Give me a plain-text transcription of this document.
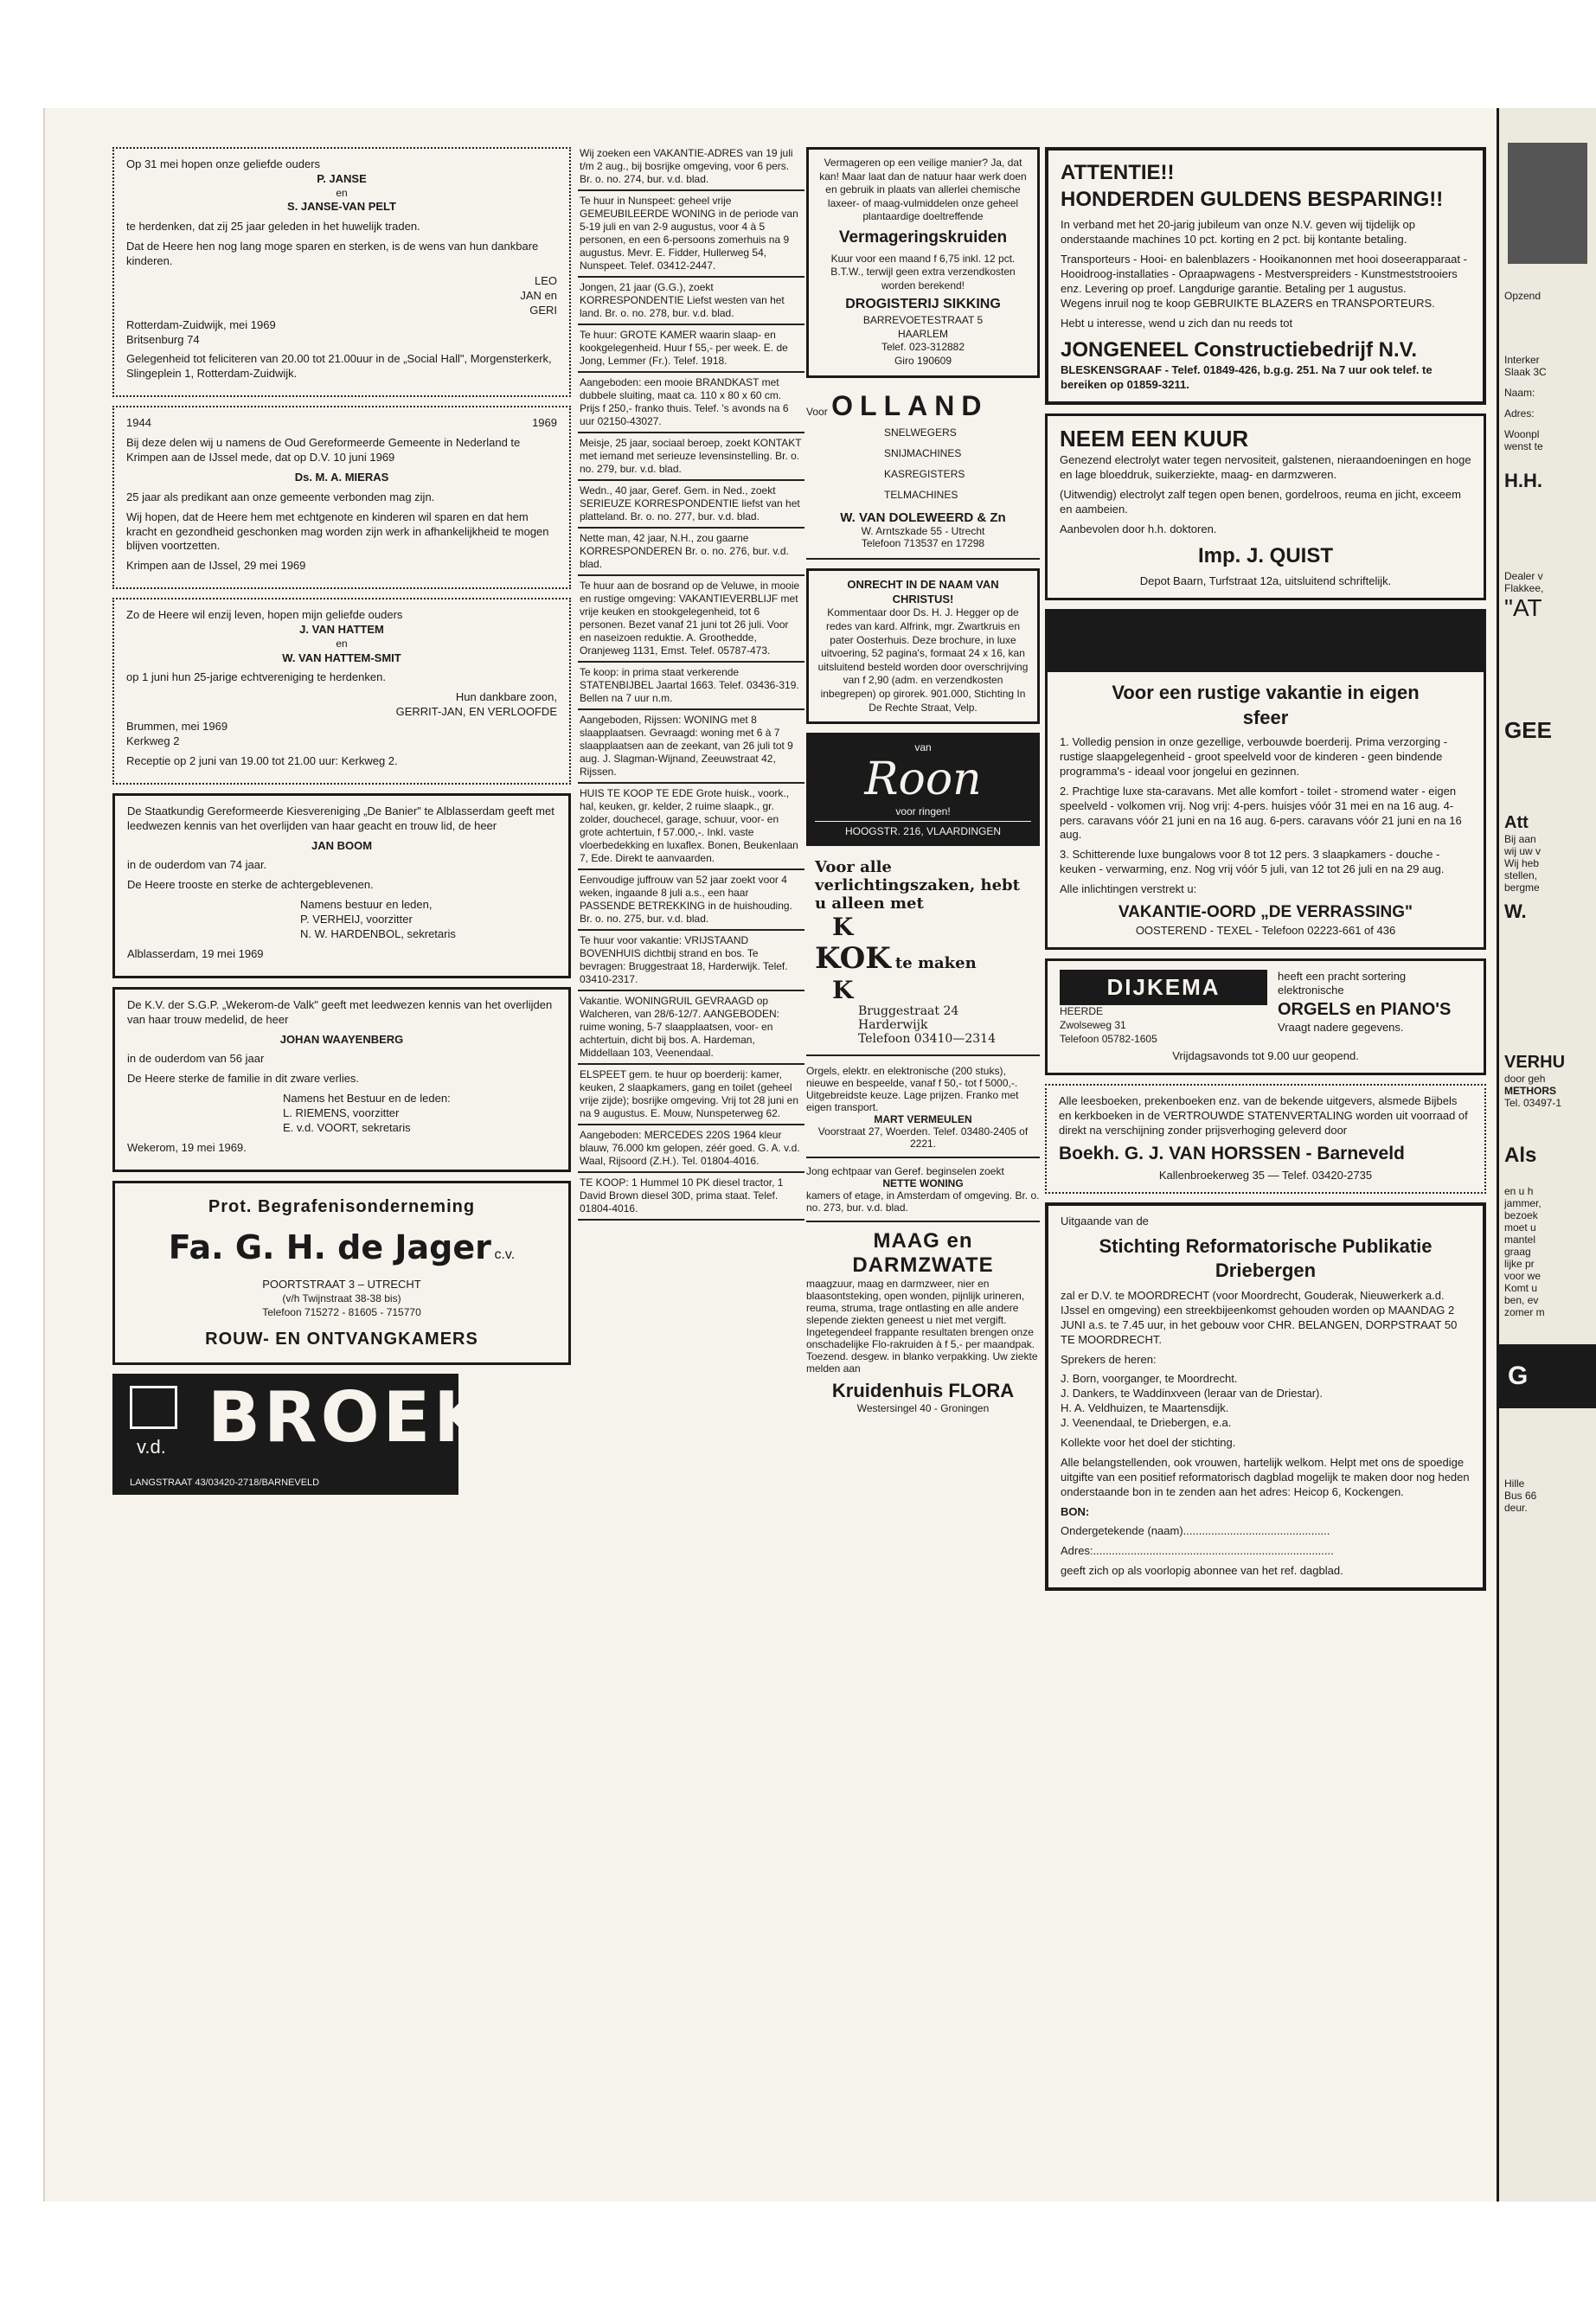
Op 31 mei hopen onze geliefde ouders
P. JANSE
en
S. JANSE-VAN PELT
te herdenken, dat zij 25 jaar geleden in het huwelijk traden.
Dat de Heere hen nog lang moge sparen en sterken, is de wens van hun dankbare kinderen.
LEO
JAN en
GERI
Rotterdam-Zuidwijk, mei 1969
Britsenburg 74
Gelegenheid tot feliciteren van 20.00 tot 21.00uur in de „Social Hall", Morgensterkerk, Slingeplein 1, Rotterdam-Zuidwijk.
1944	1969
Bij deze delen wij u namens de Oud Gereformeerde Gemeente in Nederland te Krimpen aan de IJssel mede, dat op D.V. 10 juni 1969
Ds. M. A. MIERAS
25 jaar als predikant aan onze gemeente verbonden mag zijn.
Wij hopen, dat de Heere hem met echtgenote en kinderen wil sparen en dat hem kracht en gezondheid geschonken mag worden zijn werk in afhankelijkheid te mogen blijven voortzetten.
Krimpen aan de IJssel, 29 mei 1969
Zo de Heere wil enzij leven, hopen mijn geliefde ouders
J. VAN HATTEM
en
W. VAN HATTEM-SMIT
op 1 juni hun 25-jarige echtvereniging te herdenken.
Hun dankbare zoon,
GERRIT-JAN, EN VERLOOFDE
Brummen, mei 1969
Kerkweg 2
Receptie op 2 juni van 19.00 tot 21.00 uur: Kerkweg 2.
De Staatkundig Gereformeerde Kiesvereniging „De Banier" te Alblasserdam geeft met leedwezen kennis van het overlijden van haar geacht en trouw lid, de heer
JAN BOOM
in de ouderdom van 74 jaar.
De Heere trooste en sterke de achtergeblevenen.
Namens bestuur en leden,
P. VERHEIJ, voorzitter
N. W. HARDENBOL, sekretaris
Alblasserdam, 19 mei 1969
De K.V. der S.G.P. „Wekerom-de Valk" geeft met leedwezen kennis van het overlijden van haar trouw medelid, de heer
JOHAN WAAYENBERG
in de ouderdom van 56 jaar
De Heere sterke de familie in dit zware verlies.
Namens het Bestuur en de leden:
L. RIEMENS, voorzitter
E. v.d. VOORT, sekretaris
Wekerom, 19 mei 1969.
Prot. Begrafenisonderneming
Fa. G. H. de Jager c.v.
POORTSTRAAT 3 – UTRECHT
(v/h Twijnstraat 38-38 bis)
Telefoon 715272 - 81605 - 715770
ROUW- EN ONTVANGKAMERS
v.d. BROEK
LANGSTRAAT 43/03420-2718/BARNEVELD
Wij zoeken een VAKANTIE-ADRES van 19 juli t/m 2 aug., bij bosrijke omgeving, voor 6 pers. Br. o. no. 274, bur. v.d. blad.
Te huur in Nunspeet: geheel vrije GEMEUBILEERDE WONING in de periode van 5-19 juli en van 2-9 augustus, voor 4 à 5 personen, en een 6-persoons zomerhuis na 9 augustus. Mevr. E. Fidder, Hullerweg 54, Nunspeet. Telef. 03412-2447.
Jongen, 21 jaar (G.G.), zoekt KORRESPONDENTIE Liefst westen van het land. Br. o. no. 278, bur. v.d. blad.
Te huur: GROTE KAMER waarin slaap- en kookgelegenheid. Huur f 55,- per week. E. de Jong, Lemmer (Fr.). Telef. 1918.
Aangeboden: een mooie BRANDKAST met dubbele sluiting, maat ca. 110 x 80 x 60 cm. Prijs f 250,- franko thuis. Telef. 's avonds na 6 uur 02150-43027.
Meisje, 25 jaar, sociaal beroep, zoekt KONTAKT met iemand met serieuze levensinstelling. Br. o. no. 279, bur. v.d. blad.
Wedn., 40 jaar, Geref. Gem. in Ned., zoekt SERIEUZE KORRESPONDENTIE liefst van het platteland. Br. o. no. 277, bur. v.d. blad.
Nette man, 42 jaar, N.H., zou gaarne KORRESPONDEREN Br. o. no. 276, bur. v.d. blad.
Te huur aan de bosrand op de Veluwe, in mooie en rustige omgeving: VAKANTIEVERBLIJF met vrije keuken en stookgelegenheid, tot 6 personen. Bezet vanaf 21 juni tot 26 juli. Voor en naseizoen reduktie. A. Groothedde, Oranjeweg 1131, Emst. Telef. 05787-473.
Te koop: in prima staat verkerende STATENBIJBEL Jaartal 1663. Telef. 03436-319. Bellen na 7 uur n.m.
Aangeboden, Rijssen: WONING met 8 slaapplaatsen. Gevraagd: woning met 6 à 7 slaapplaatsen aan de zeekant, van 26 juli tot 9 aug. J. Slagman-Wijnand, Zeeuwstraat 42, Rijssen.
HUIS TE KOOP TE EDE Grote huisk., voork., hal, keuken, gr. kelder, 2 ruime slaapk., gr. zolder, douchecel, garage, schuur, voor- en grote achtertuin, f 57.000,-. Inkl. vaste vloerbedekking en luxaflex. Bonen, Beukenlaan 7, Ede. Direkt te aanvaarden.
Eenvoudige juffrouw van 52 jaar zoekt voor 4 weken, ingaande 8 juli a.s., een haar PASSENDE BETREKKING in de huishouding. Br. o. no. 275, bur. v.d. blad.
Te huur voor vakantie: VRIJSTAAND BOVENHUIS dichtbij strand en bos. Te bevragen: Bruggestraat 18, Harderwijk. Telef. 03410-2317.
Vakantie. WONINGRUIL GEVRAAGD op Walcheren, van 28/6-12/7. AANGEBODEN: ruime woning, 5-7 slaapplaatsen, voor- en achtertuin, dicht bij bos. A. Hardeman, Middellaan 103, Veenendaal.
ELSPEET gem. te huur op boerderij: kamer, keuken, 2 slaapkamers, gang en toilet (geheel vrije zijde); bosrijke omgeving. Vrij tot 28 juni en na 9 augustus. E. Mouw, Nunspeterweg 62.
Aangeboden: MERCEDES 220S 1964 kleur blauw, 76.000 km gelopen, zéér goed. G. A. v.d. Waal, Rijsoord (Z.H.). Tel. 01804-4016.
TE KOOP: 1 Hummel 10 PK diesel tractor, 1 David Brown diesel 30D, prima staat. Telef. 01804-4016.
Vermageren op een veilige manier? Ja, dat kan! Maar laat dan de natuur haar werk doen en gebruik in plaats van allerlei chemische laxeer- of maag-vulmiddelen onze geheel plantaardige doeltreffende
Vermageringskruiden
Kuur voor een maand f 6,75 inkl. 12 pct. B.T.W., terwijl geen extra verzendkosten worden berekend!
DROGISTERIJ SIKKING
BARREVOETESTRAAT 5
HAARLEM
Telef. 023-312882
Giro 190609
Voor OLLAND
SNELWEGERS
SNIJMACHINES
KASREGISTERS
TELMACHINES
W. VAN DOLEWEERD & Zn
W. Arntszkade 55 - Utrecht
Telefoon 713537 en 17298
ONRECHT IN DE NAAM VAN CHRISTUS!
Kommentaar door Ds. H. J. Hegger op de redes van kard. Alfrink, mgr. Zwartkruis en pater Oosterhuis. Deze brochure, in luxe uitvoering, 52 pagina's, formaat 24 x 16, kan uitsluitend besteld worden door overschrijving van f 2,90 (adm. en verzendkosten inbegrepen) op girorek. 901.000, Stichting In De Rechte Straat, Velp.
van
Roon
voor ringen!
HOOGSTR. 216, VLAARDINGEN
Voor alle verlichtingszaken, hebt u alleen met
K
KOK te maken
K
Bruggestraat 24
Harderwijk
Telefoon 03410—2314
Orgels, elektr. en elektronische (200 stuks), nieuwe en bespeelde, vanaf f 50,- tot f 5000,-. Uitgebreidste keuze. Lage prijzen. Franko met eigen transport.
MART VERMEULEN
Voorstraat 27, Woerden. Telef. 03480-2405 of 2221.
Jong echtpaar van Geref. beginselen zoekt
NETTE WONING
kamers of etage, in Amsterdam of omgeving. Br. o. no. 273, bur. v.d. blad.
MAAG en DARMZWATE
maagzuur, maag en darmzweer, nier en blaasontsteking, open wonden, pijnlijk urineren, reuma, struma, trage ontlasting en alle andere slepende ziekten geneest u niet met vergift. Ingetegendeel frappante resultaten brengen onze onschadelijke Flo-rakruiden à f 5,- per maandpak. Toezend. desgew. in blanko verpakking. Uw ziekte melden aan
Kruidenhuis FLORA
Westersingel 40 - Groningen
ATTENTIE!!
HONDERDEN GULDENS BESPARING!!
In verband met het 20-jarig jubileum van onze N.V. geven wij tijdelijk op onderstaande machines 10 pct. korting en 2 pct. bij kontante betaling.
Transporteurs - Hooi- en balenblazers - Hooikanonnen met hooi doseerapparaat - Hooidroog-installaties - Opraapwagens - Mestverspreiders - Kunstmeststrooiers enz. Levering op proef. Langdurige garantie. Betaling per 1 augustus.
Wegens inruil nog te koop GEBRUIKTE BLAZERS en TRANSPORTEURS.
Hebt u interesse, wend u zich dan nu reeds tot
JONGENEEL Constructiebedrijf N.V.
BLESKENSGRAAF - Telef. 01849-426, b.g.g. 251. Na 7 uur ook telef. te bereiken op 01859-3211.
NEEM EEN KUUR
Genezend electrolyt water tegen nervositeit, galstenen, nieraandoeningen en hoge en lage bloeddruk, suikerziekte, maag- en darmzweren.
(Uitwendig) electrolyt zalf tegen open benen, gordelroos, reuma en jicht, exceem en aambeien.
Aanbevolen door h.h. doktoren.
Imp. J. QUIST
Depot Baarn, Turfstraat 12a, uitsluitend schriftelijk.
Voor een rustige vakantie in eigen sfeer
1. Volledig pension in onze gezellige, verbouwde boerderij. Prima verzorging - rustige slaapgelegenheid - groot speelveld voor de kinderen - geen bindende programma's - ideaal voor jongelui en gezinnen.
2. Prachtige luxe sta-caravans. Met alle komfort - toilet - stromend water - eigen speelveld - volkomen vrij. Nog vrij: 4-pers. huisjes vóór 31 mei en na 16 aug. 4-pers. caravans vóór 21 juni en na 16 aug. 6-pers. caravans vóór 21 juni en na 16 aug.
3. Schitterende luxe bungalows voor 8 tot 12 pers. 3 slaapkamers - douche - keuken - verwarming, enz. Nog vrij vóór 5 juli, van 12 tot 26 juli en na 29 aug.
Alle inlichtingen verstrekt u:
VAKANTIE-OORD „DE VERRASSING"
OOSTEREND - TEXEL - Telefoon 02223-661 of 436
DIJKEMA
HEERDE
Zwolseweg 31
Telefoon 05782-1605
heeft een pracht sortering elektronische
ORGELS en PIANO'S
Vraagt nadere gegevens.
Vrijdagsavonds tot 9.00 uur geopend.
Alle leesboeken, prekenboeken enz. van de bekende uitgevers, alsmede Bijbels en kerkboeken in de VERTROUWDE STATENVERTALING worden uit voorraad of direkt na verschijning zonder prijsverhoging geleverd door
Boekh. G. J. VAN HORSSEN - Barneveld
Kallenbroekerweg 35 — Telef. 03420-2735
Uitgaande van de
Stichting Reformatorische Publikatie Driebergen
zal er D.V. te MOORDRECHT (voor Moordrecht, Gouderak, Nieuwerkerk a.d. IJssel en omgeving) een streekbijeenkomst gehouden worden op MAANDAG 2 JUNI a.s. te 7.45 uur, in het gebouw voor CHR. BELANGEN, DORPSTRAAT 50 TE MOORDRECHT.
Sprekers de heren:
J. Born, voorganger, te Moordrecht.
J. Dankers, te Waddinxveen (leraar van de Driestar).
H. A. Veldhuizen, te Maartensdijk.
J. Veenendaal, te Driebergen, e.a.
Kollekte voor het doel der stichting.
Alle belangstellenden, ook vrouwen, hartelijk welkom. Helpt met ons de spoedige uitgifte van een positief reformatorisch dagblad mogelijk te maken door nog heden onderstaande bon in te zenden aan het adres: Heicop 6, Kockengen.
BON:
Ondergetekende (naam)...............................................
Adres:.............................................................................
geeft zich op als voorlopig abonnee van het ref. dagblad.
Opzend
Interker
Slaak 3C
Naam:
Adres:
Woonpl
wenst te
H.H.
Dealer v
Flakkee,
"AT
GEE
Att
Bij aan
wij uw v
Wij heb
stellen,
bergme
W.
VERHU
door geh
METHORS
Tel. 03497-1
Als
en u h
jammer,
bezoek
moet u
mantel
graag
lijke pr
voor we
Komt u
ben, ev
zomer m
G
Hille
Bus 66
deur.
